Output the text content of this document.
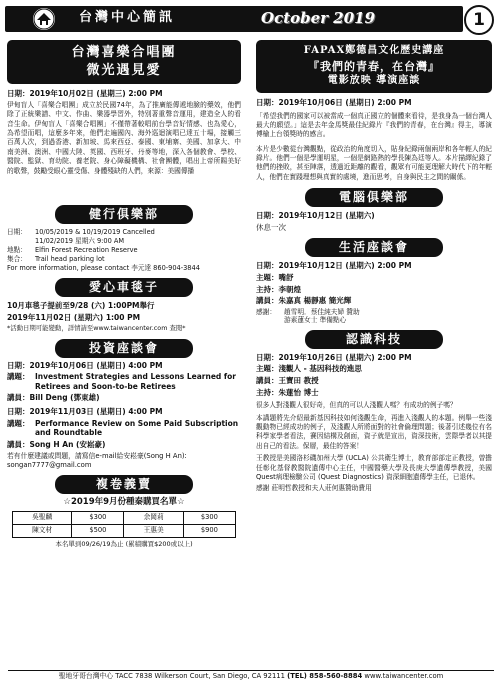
台灣中心簡訊	October 2019	1
台灣喜樂合唱團
微光遇見愛
日期：2019年10月02日 (星期三) 2:00 PM
伊甸盲人「喜樂合唱團」成立於民國74年，為了推廣能傳遞地臉的藥效，他們除了正統樂譜、中文、作曲、樂器學習外，特別著重聲音運用，建造全人的看音生命。伊甸盲人「喜樂合唱團」不僅帶著較唱前台學音好情感、也為愛心，為希望而唱，這麼多年來，他們走遍國內、海外巡迴演唱已達五十場，接觸三百萬人次，到過香港、新加坡、馬來西亞、泰國、東埔寨、美國、加拿大、中南美洲、澳洲、中國大陸、英國、西班牙、丹麥等地，深入各個教會、學校、醫院、監獄、育幼院、養老院、身心障礙機構、社會團體，唱出上帝所賜美好的歌聲，鼓勵受眼心靈受傷、身體殘缺的人們，來源：美國傳播
健行俱樂部
日期：	10/05/2019 & 10/19/2019 Cancelled
11/02/2019 星期六 9:00 AM
地點：	Elfin Forest Recreation Reserve
集合：	Trail head parking lot
For more information, please contact 李元達 860-904-3844
愛心車毯子
10月車毯子提前至9/28 (六) 1:00PM舉行
2019年11月02日 (星期六) 1:00 PM
*活動日期可能變動，詳情請至www.taiwancenter.com 查閱*
投資座談會
日期：2019年10月06日 (星期日) 4:00 PM
講題： Investment Strategies and Lessons Learned for
Retirees and Soon-to-be Retirees
講員：Bill Deng (鄧東雄)
日期：2019年11月03日 (星期日) 4:00 PM
講題： Performance Review on Some Paid Subscription
and Roundtable
講員：Song H An (安崧豪)
若有什麼建議或問題，請寫信e-mail給安崧豪(Song H An): songan7777@gmail.com
複卷義賣
☆2019年9月份種秦購買名單☆
吳聖麟	$300	余岡莉	$300
陳文材	$500	王惠美	$900
本名單到09/26/19為止 (累積購買$200或以上)
FAPAX鄭德昌文化歷史講座
『我們的青春，在台灣』
電影放映 導演座談
日期：2019年10月06日 (星期日) 2:00 PM
「希望我們的國家可以被當成一個真正國立的個體來看待，是我身為一個台灣人最大的願望。」這是去年金馬獎最佳紀錄片『我們的青春，在台灣』得主，導演傅榆上台領獎時的感言。
本片是少數從台灣觀點，從政治的角度切入，貼身紀錄兩個兩岸和各年輕人的紀錄片。他們一個是學運明星，一個是網路熱的學長陳為廷等人。本片描繹紀錄了他們的挫敗，甚至陣落，透過近距離的觀看，觀眾有可能更理解大時代下的年輕人，他們在實踐理想與真實的處境，進而思考，自身與民主之間的關係。
電腦俱樂部
日期：2019年10月12日 (星期六)
休息一次
生活座談會
日期：2019年10月12日 (星期六) 2:00 PM
主題：嘴舒
主持：李朝煌
講員：朱嘉真 楊靜惠 簡光輝
感謝：	趙雪明．蔡佳純夫婦 贊助
游素蓮女士 準備點心
認識科技
日期：2019年10月26日 (星期六) 2:00 PM
主題：淺觀人 - 基因科技的進思
講員：王寶田 教授
主持：朱蓮怡 博士
很多人對淺觀人很好奇，但真的可以人淺觀人嗎？有成功的例子嗎？
本講題將先介紹最新基因科技如何淺觀生命，再進入淺觀人的本題。例舉一些淺觀動物已經成功的例子，及淺觀人所將面對的社會倫理問題；後著引述幾位有名科學家學者看法，賽因結構及創面，資子就是宣出，資深技術，雲際學者以其提出自己的看法。保層，最佳的答案！
王教授是美國洛杉磯加州大學 (UCLA) 公共衛生博士，教育部部定正教授，曾擔任彰化基督教醫院遺傳中心主任，中國醫藥大學及長庚大學遺傳學教授，美國Quest病理檢驗公司 (Quest Diagnostics) 資深細胞遺傳學主任，已退休。
感謝 莊明哲教授和夫人莊何惠贊助費用
聖地牙哥台灣中心 TACC 7838 Wilkerson Court, San Diego, CA 92111 (TEL) 858-560-8884 www.taiwancenter.com
